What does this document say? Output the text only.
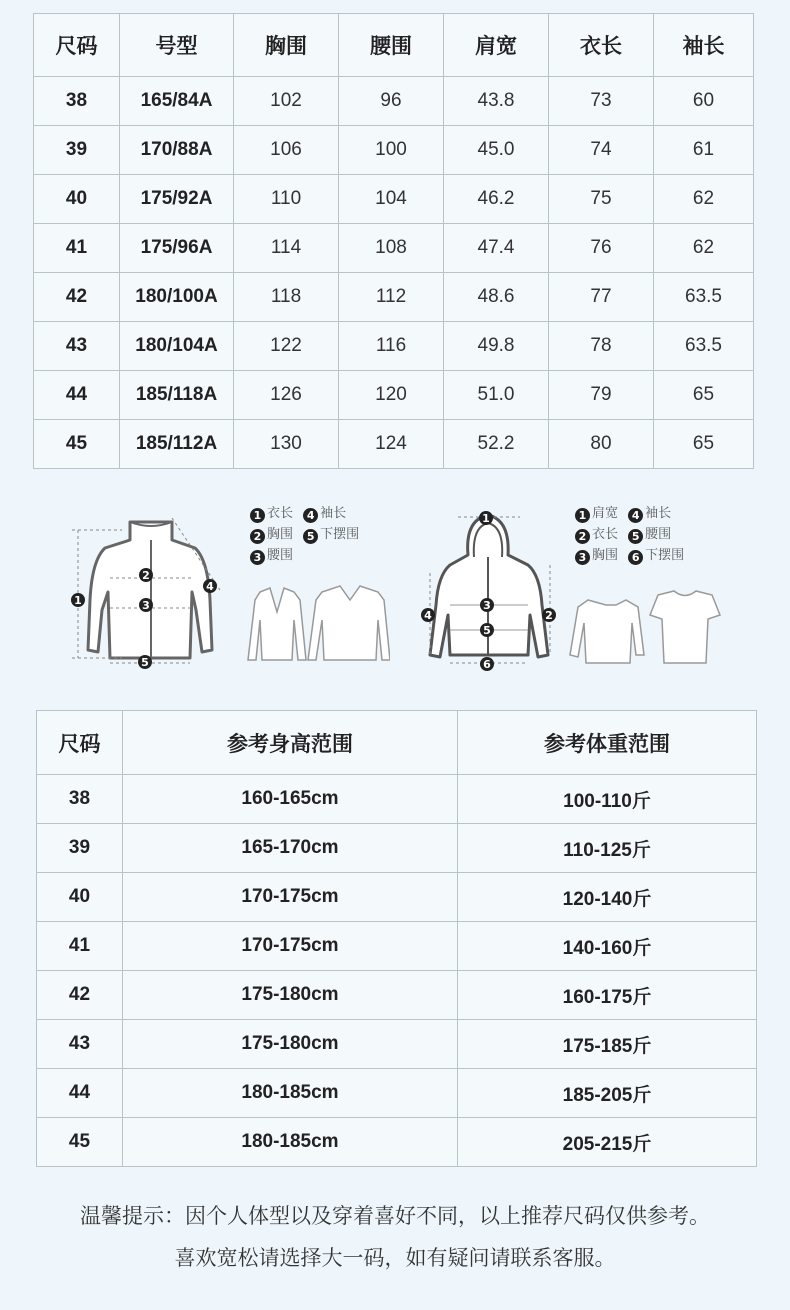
尺码	号型	胸围	腰围	肩宽	衣长	袖长
38	165/84A	102	96	43.8	73	60
39	170/88A	106	100	45.0	74	61
40	175/92A	110	104	46.2	75	62
41	175/96A	114	108	47.4	76	62
42	180/100A	118	112	48.6	77	63.5
43	180/104A	122	116	49.8	78	63.5
44	185/118A	126	120	51.0	79	65
45	185/112A	130	124	52.2	80	65
1
2
3
4
5
1 衣长 4 袖长
2 胸围 5 下摆围
3 腰围
1
2
3
4
5
6
1 肩宽 4 袖长
2 衣长 5 腰围
3 胸围 6 下摆围
尺码	参考身高范围	参考体重范围
38	160-165cm	100-110斤
39	165-170cm	110-125斤
40	170-175cm	120-140斤
41	170-175cm	140-160斤
42	175-180cm	160-175斤
43	175-180cm	175-185斤
44	180-185cm	185-205斤
45	180-185cm	205-215斤
温馨提示：因个人体型以及穿着喜好不同，以上推荐尺码仅供参考。
喜欢宽松请选择大一码，如有疑问请联系客服。
